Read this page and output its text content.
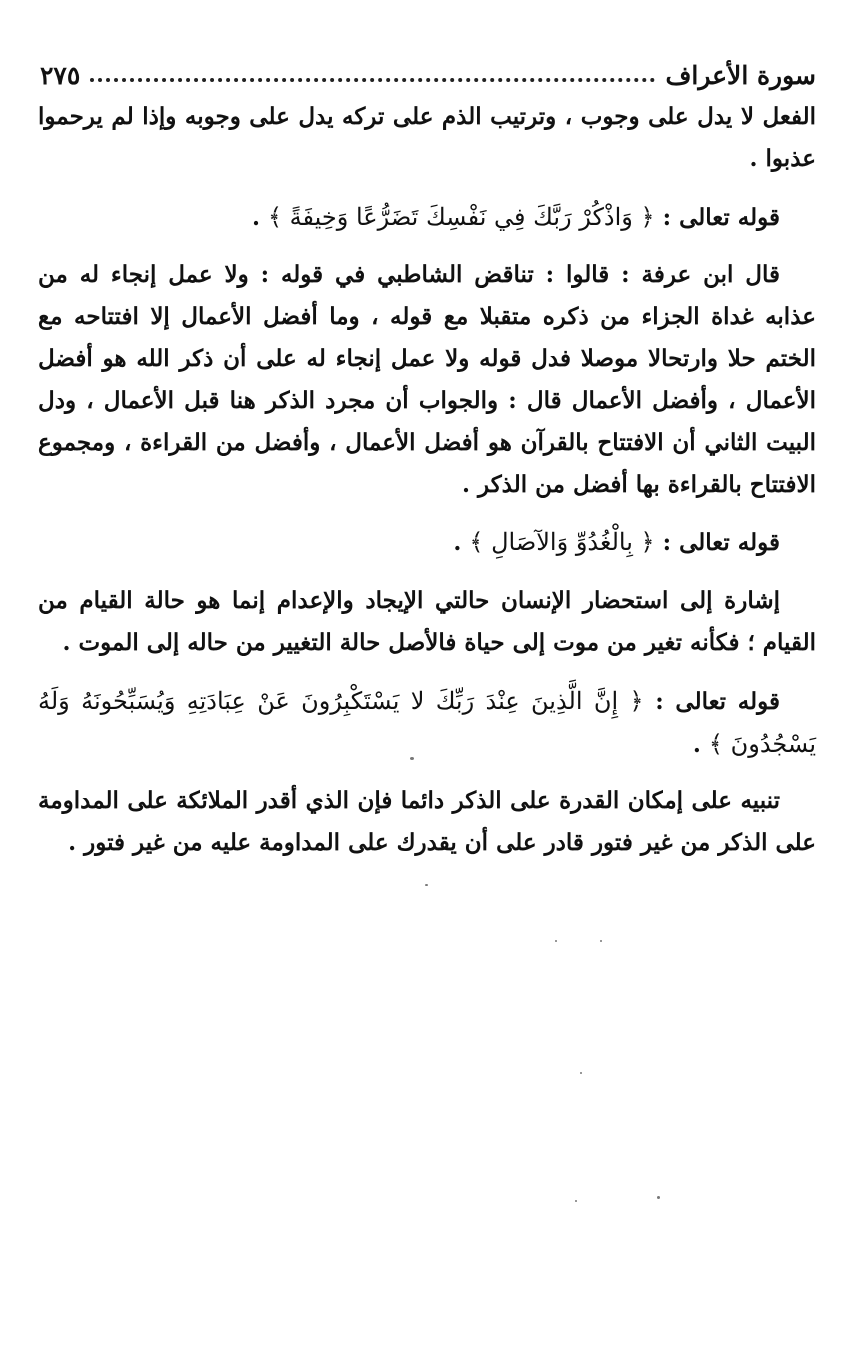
سورة الأعراف
٢٧٥

الفعل لا يدل على وجوب ، وترتيب الذم على تركه يدل على وجوبه وإذا لم يرحموا عذبوا .

قوله تعالى : ﴿ وَاذْكُرْ رَبَّكَ فِي نَفْسِكَ تَضَرُّعًا وَخِيفَةً ﴾ .

قال ابن عرفة : قالوا : تناقض الشاطبي في قوله : ولا عمل إنجاء له من عذابه غداة الجزاء من ذكره متقبلا مع قوله ، وما أفضل الأعمال إلا افتتاحه مع الختم حلا وارتحالا موصلا فدل قوله ولا عمل إنجاء له على أن ذكر الله هو أفضل الأعمال ، وأفضل الأعمال قال : والجواب أن مجرد الذكر هنا قبل الأعمال ، ودل البيت الثاني أن الافتتاح بالقرآن هو أفضل الأعمال ، وأفضل من القراءة ، ومجموع الافتتاح بالقراءة بها أفضل من الذكر .

قوله تعالى : ﴿ بِالْغُدُوِّ وَالآصَالِ ﴾ .

إشارة إلى استحضار الإنسان حالتي الإيجاد والإعدام إنما هو حالة القيام من القيام ؛ فكأنه تغير من موت إلى حياة فالأصل حالة التغيير من حاله إلى الموت .

قوله تعالى : ﴿ إِنَّ الَّذِينَ عِنْدَ رَبِّكَ لا يَسْتَكْبِرُونَ عَنْ عِبَادَتِهِ وَيُسَبِّحُونَهُ وَلَهُ يَسْجُدُونَ ﴾ .

تنبيه على إمكان القدرة على الذكر دائما فإن الذي أقدر الملائكة على المداومة على الذكر من غير فتور قادر على أن يقدرك على المداومة عليه من غير فتور .
